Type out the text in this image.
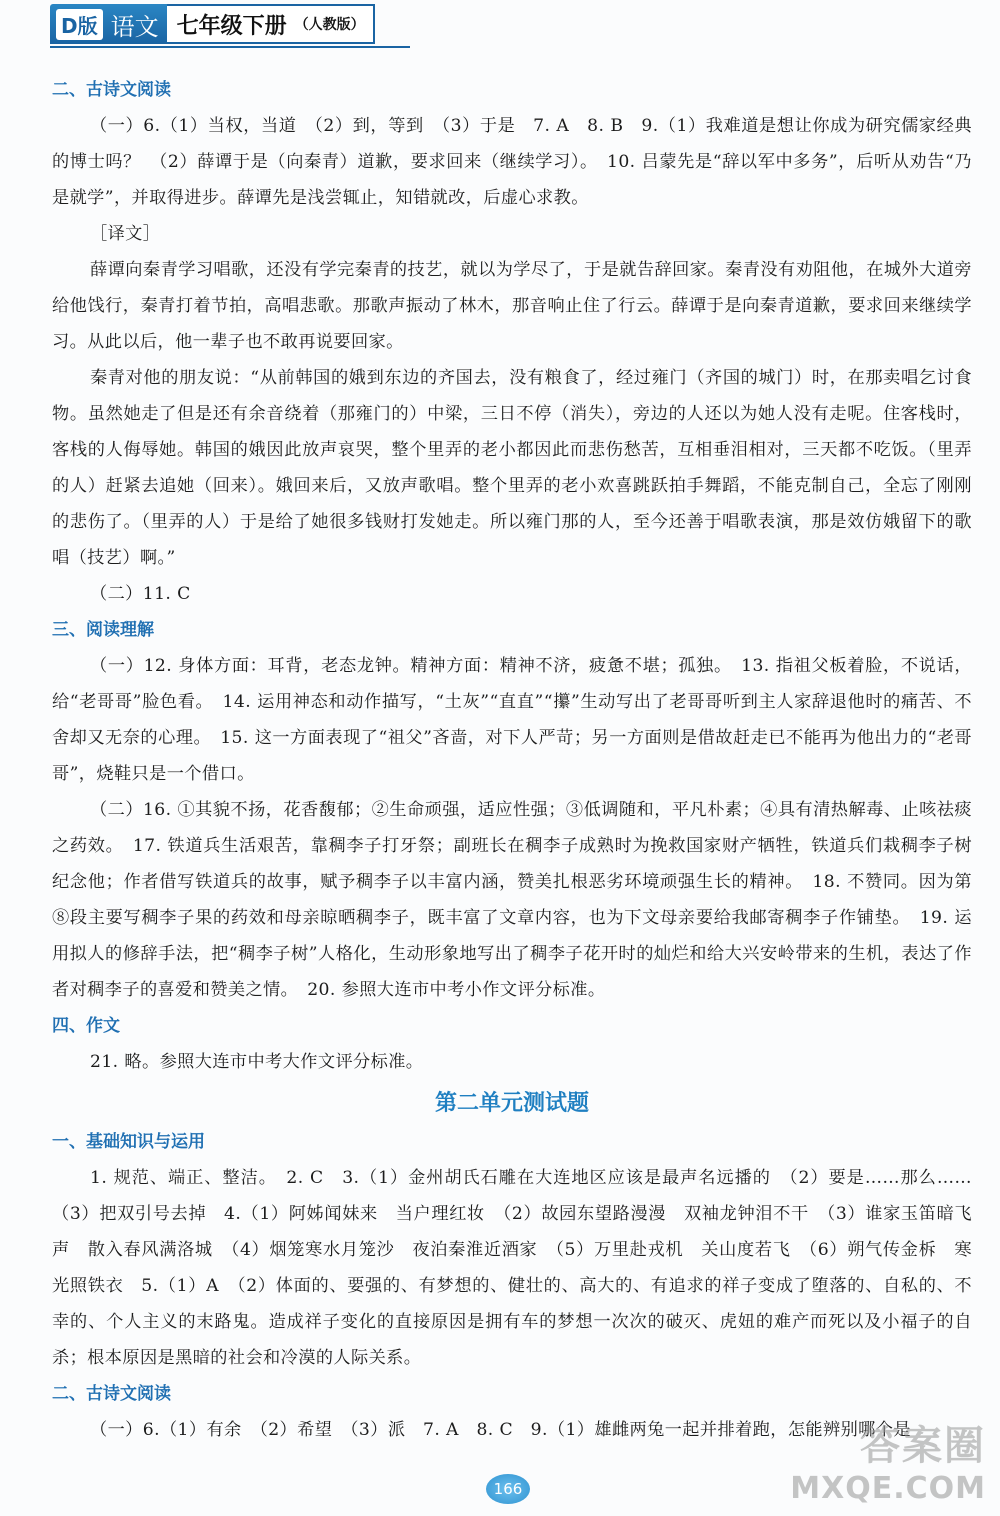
D版 语文 七年级下册 （人教版）
二、古诗文阅读

（一）6.（1）当权，当道　（2）到，等到　（3）于是　7. A　8. B　9.（1）我难道是想让你成为研究儒家经典的博士吗？　（2）薛谭于是（向秦青）道歉，要求回来（继续学习）。　10. 吕蒙先是“辞以军中多务”，后听从劝告“乃是就学”，并取得进步。薛谭先是浅尝辄止，知错就改，后虚心求教。

［译文］

薛谭向秦青学习唱歌，还没有学完秦青的技艺，就以为学尽了，于是就告辞回家。秦青没有劝阻他，在城外大道旁给他饯行，秦青打着节拍，高唱悲歌。那歌声振动了林木，那音响止住了行云。薛谭于是向秦青道歉，要求回来继续学习。从此以后，他一辈子也不敢再说要回家。

秦青对他的朋友说：“从前韩国的娥到东边的齐国去，没有粮食了，经过雍门（齐国的城门）时，在那卖唱乞讨食物。虽然她走了但是还有余音绕着（那雍门的）中梁，三日不停（消失），旁边的人还以为她人没有走呢。住客栈时，客栈的人侮辱她。韩国的娥因此放声哀哭，整个里弄的老小都因此而悲伤愁苦，互相垂泪相对，三天都不吃饭。（里弄的人）赶紧去追她（回来）。娥回来后，又放声歌唱。整个里弄的老小欢喜跳跃拍手舞蹈，不能克制自己，全忘了刚刚的悲伤了。（里弄的人）于是给了她很多钱财打发她走。所以雍门那的人，至今还善于唱歌表演，那是效仿娥留下的歌唱（技艺）啊。”

（二）11. C

三、阅读理解

（一）12. 身体方面：耳背，老态龙钟。精神方面：精神不济，疲惫不堪；孤独。　13. 指祖父板着脸，不说话，给“老哥哥”脸色看。　14. 运用神态和动作描写，“土灰”“直直”“攥”生动写出了老哥哥听到主人家辞退他时的痛苦、不舍却又无奈的心理。　15. 这一方面表现了“祖父”吝啬，对下人严苛；另一方面则是借故赶走已不能再为他出力的“老哥哥”，烧鞋只是一个借口。

（二）16. ①其貌不扬，花香馥郁；②生命顽强，适应性强；③低调随和，平凡朴素；④具有清热解毒、止咳祛痰之药效。　17. 铁道兵生活艰苦，靠稠李子打牙祭；副班长在稠李子成熟时为挽救国家财产牺牲，铁道兵们栽稠李子树纪念他；作者借写铁道兵的故事，赋予稠李子以丰富内涵，赞美扎根恶劣环境顽强生长的精神。　18. 不赞同。因为第⑧段主要写稠李子果的药效和母亲晾晒稠李子，既丰富了文章内容，也为下文母亲要给我邮寄稠李子作铺垫。　19. 运用拟人的修辞手法，把“稠李子树”人格化，生动形象地写出了稠李子花开时的灿烂和给大兴安岭带来的生机，表达了作者对稠李子的喜爱和赞美之情。　20. 参照大连市中考小作文评分标准。

四、作文

21. 略。参照大连市中考大作文评分标准。

第二单元测试题
一、基础知识与运用

1. 规范、端正、整洁。　2. C　3.（1）金州胡氏石雕在大连地区应该是最声名远播的　（2）要是……那么……　（3）把双引号去掉　4.（1）阿姊闻妹来　当户理红妆　（2）故园东望路漫漫　双袖龙钟泪不干　（3）谁家玉笛暗飞声　散入春风满洛城　（4）烟笼寒水月笼沙　夜泊秦淮近酒家　（5）万里赴戎机　关山度若飞　（6）朔气传金柝　寒光照铁衣　5.（1）A　（2）体面的、要强的、有梦想的、健壮的、高大的、有追求的祥子变成了堕落的、自私的、不幸的、个人主义的末路鬼。造成祥子变化的直接原因是拥有车的梦想一次次的破灭、虎妞的难产而死以及小福子的自杀；根本原因是黑暗的社会和冷漠的人际关系。

二、古诗文阅读

（一）6.（1）有余　（2）希望　（3）派　7. A　8. C　9.（1）雄雌两兔一起并排着跑，怎能辨别哪个是

166
答案圈
MXQE.COM
